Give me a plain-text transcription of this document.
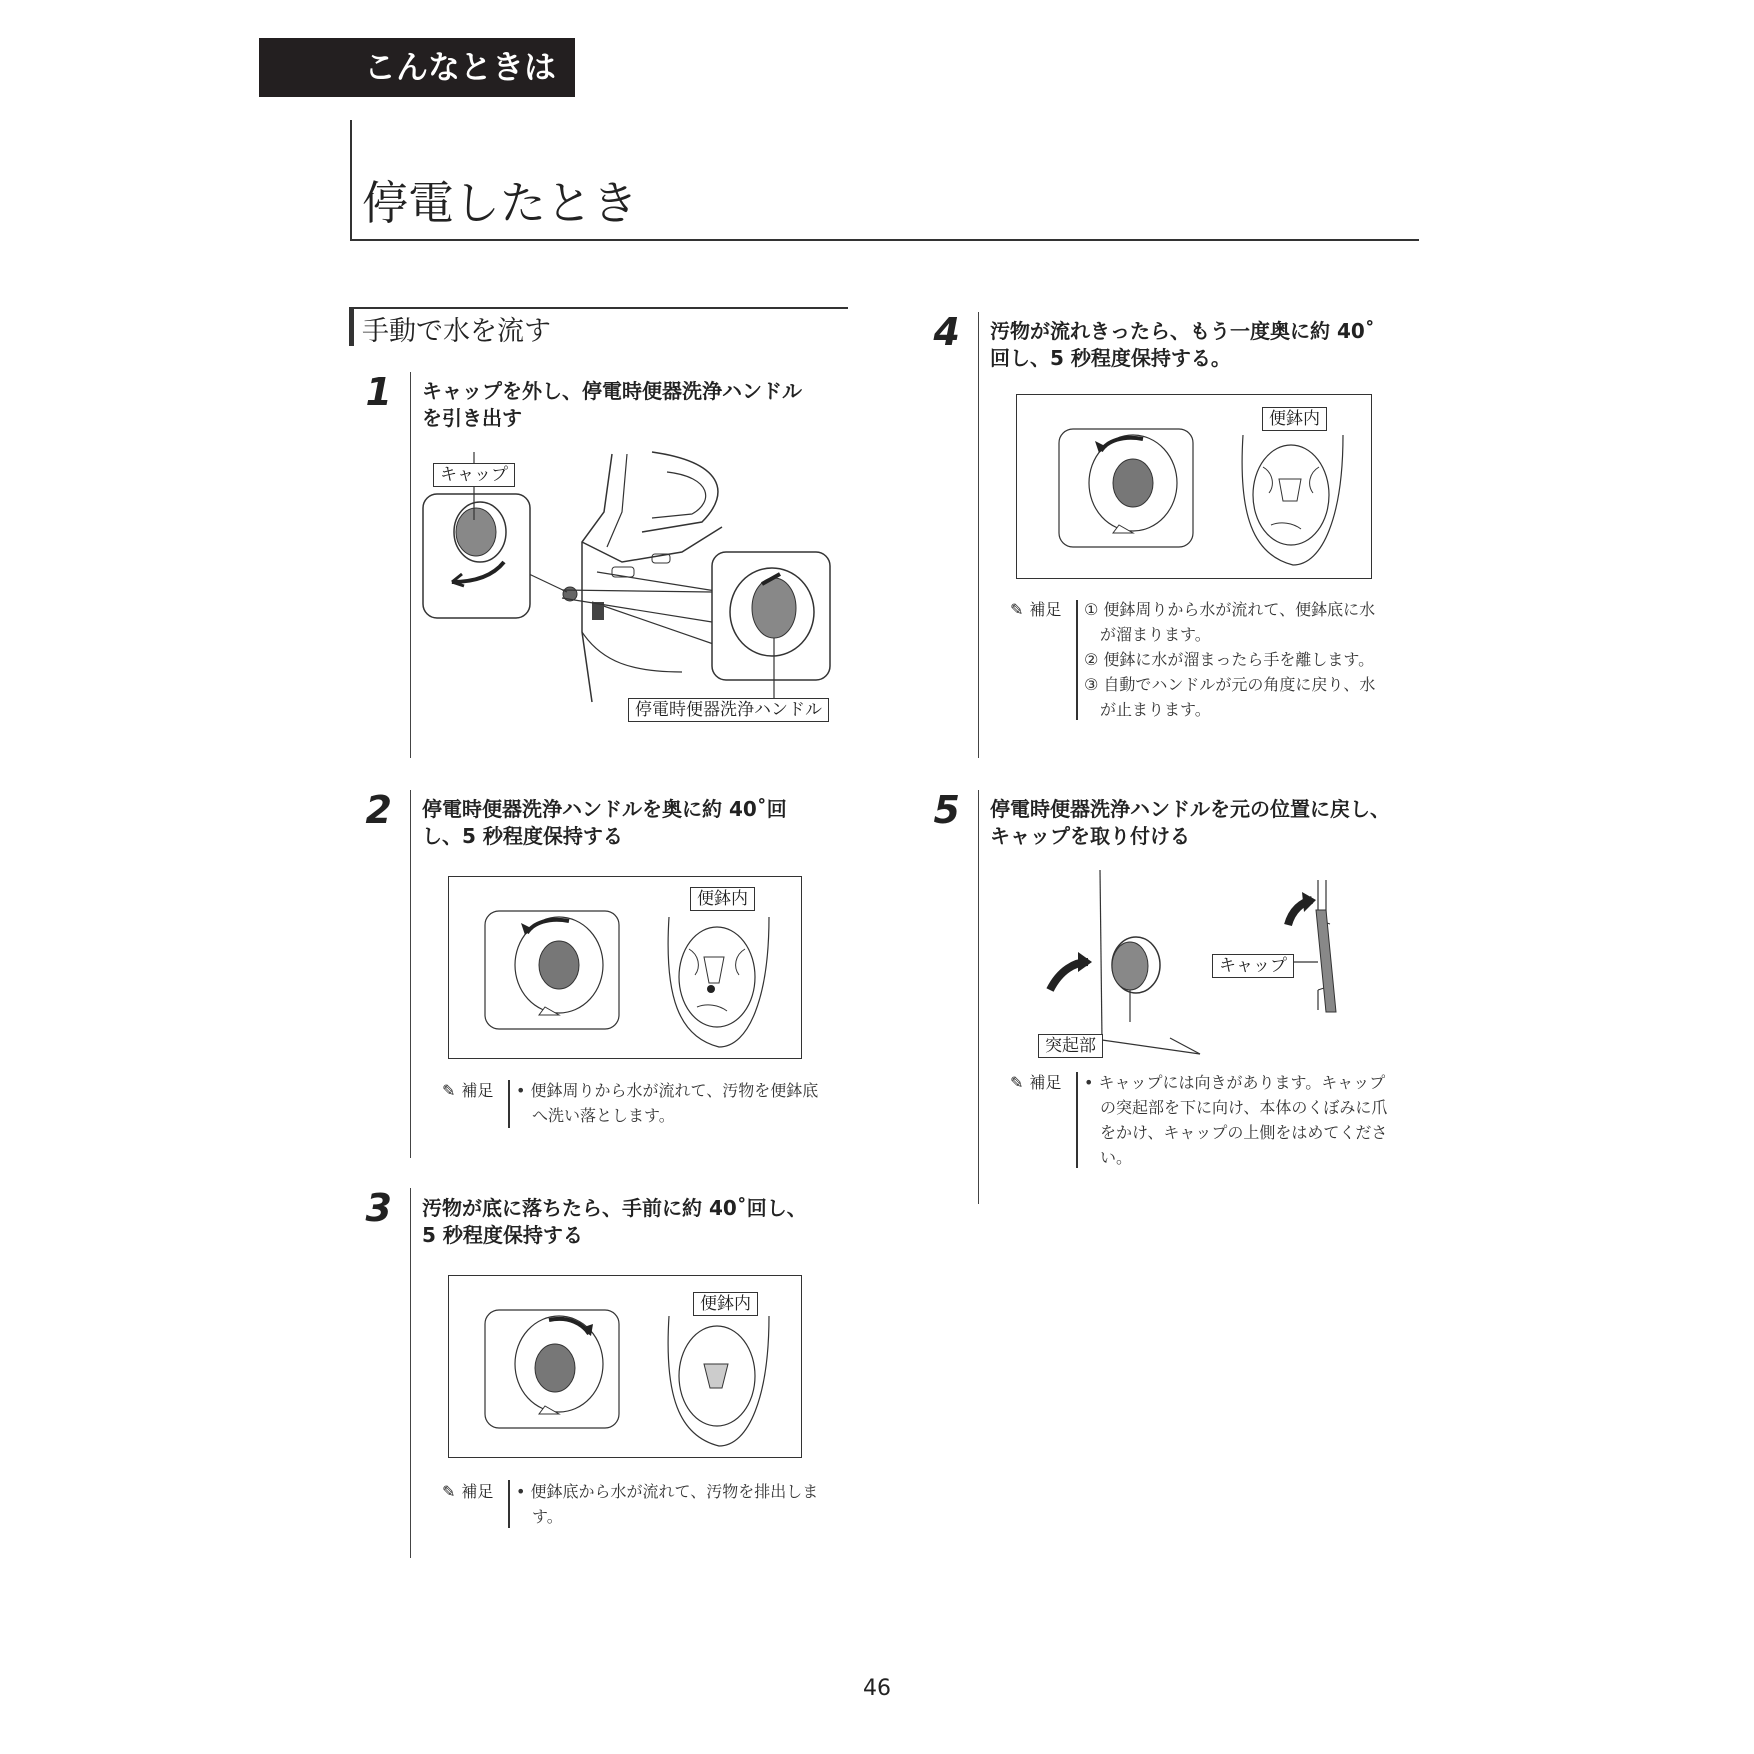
こんなときは
停電したとき
手動で水を流す
1 キャップを外し、停電時便器洗浄ハンドル
を引き出す
キャップ
停電時便器洗浄ハンドル
2 停電時便器洗浄ハンドルを奥に約 40˚回
し、5 秒程度保持する
便鉢内
✎ 補足 • 便鉢周りから水が流れて、汚物を便鉢底
　へ洗い落とします。
3 汚物が底に落ちたら、手前に約 40˚回し、
5 秒程度保持する
便鉢内
✎ 補足 • 便鉢底から水が流れて、汚物を排出しま
　す。
4 汚物が流れきったら、もう一度奥に約 40˚
回し、5 秒程度保持する。
便鉢内
✎ 補足 ① 便鉢周りから水が流れて、便鉢底に水
　が溜まります。
② 便鉢に水が溜まったら手を離します。
③ 自動でハンドルが元の角度に戻り、水
　が止まります。
5 停電時便器洗浄ハンドルを元の位置に戻し、
キャップを取り付ける
キャップ
突起部
✎ 補足 • キャップには向きがあります。キャップ
　の突起部を下に向け、本体のくぼみに爪
　をかけ、キャップの上側をはめてくださ
　い。
46
